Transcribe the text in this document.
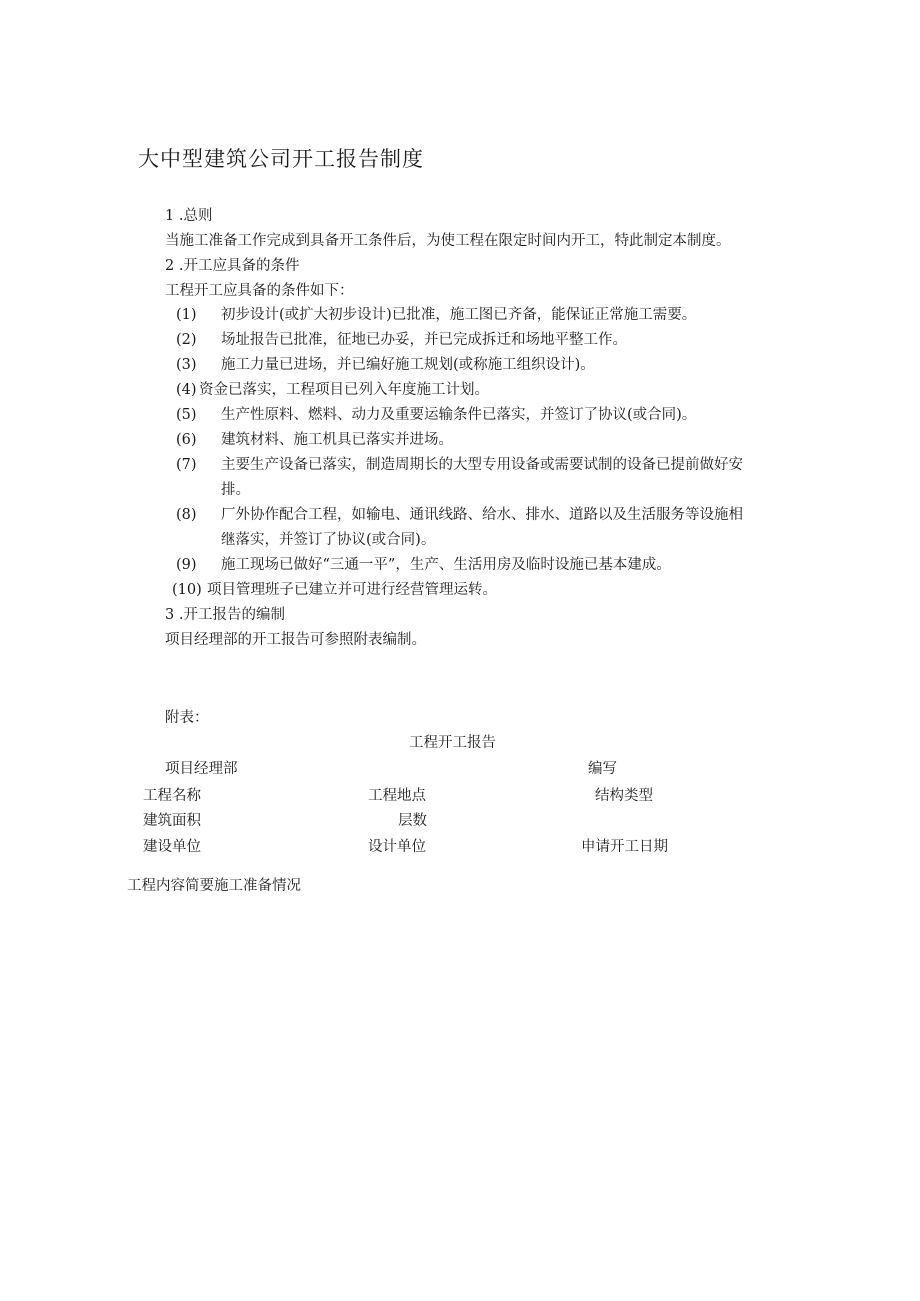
大中型建筑公司开工报告制度
1 .总则
当施工准备工作完成到具备开工条件后，为使工程在限定时间内开工，特此制定本制度。
2 .开工应具备的条件
工程开工应具备的条件如下：
(1) 初步设计(或扩大初步设计)已批准，施工图已齐备，能保证正常施工需要。
(2) 场址报告已批准，征地已办妥，并已完成拆迁和场地平整工作。
(3) 施工力量已进场，并已编好施工规划(或称施工组织设计)。
(4) 资金已落实，工程项目已列入年度施工计划。
(5) 生产性原料、燃料、动力及重要运输条件已落实，并签订了协议(或合同)。
(6) 建筑材料、施工机具已落实并进场。
(7) 主要生产设备已落实，制造周期长的大型专用设备或需要试制的设备已提前做好安
排。
(8) 厂外协作配合工程，如输电、通讯线路、给水、排水、道路以及生活服务等设施相
继落实，并签订了协议(或合同)。
(9) 施工现场已做好“三通一平”，生产、生活用房及临时设施已基本建成。
(10) 项目管理班子已建立并可进行经营管理运转。
3 .开工报告的编制
项目经理部的开工报告可参照附表编制。
附表：
工程开工报告
项目经理部	编写
工程名称	工程地点	结构类型
建筑面积	层数
建设单位	设计单位	申请开工日期
工程内容简要施工准备情况
